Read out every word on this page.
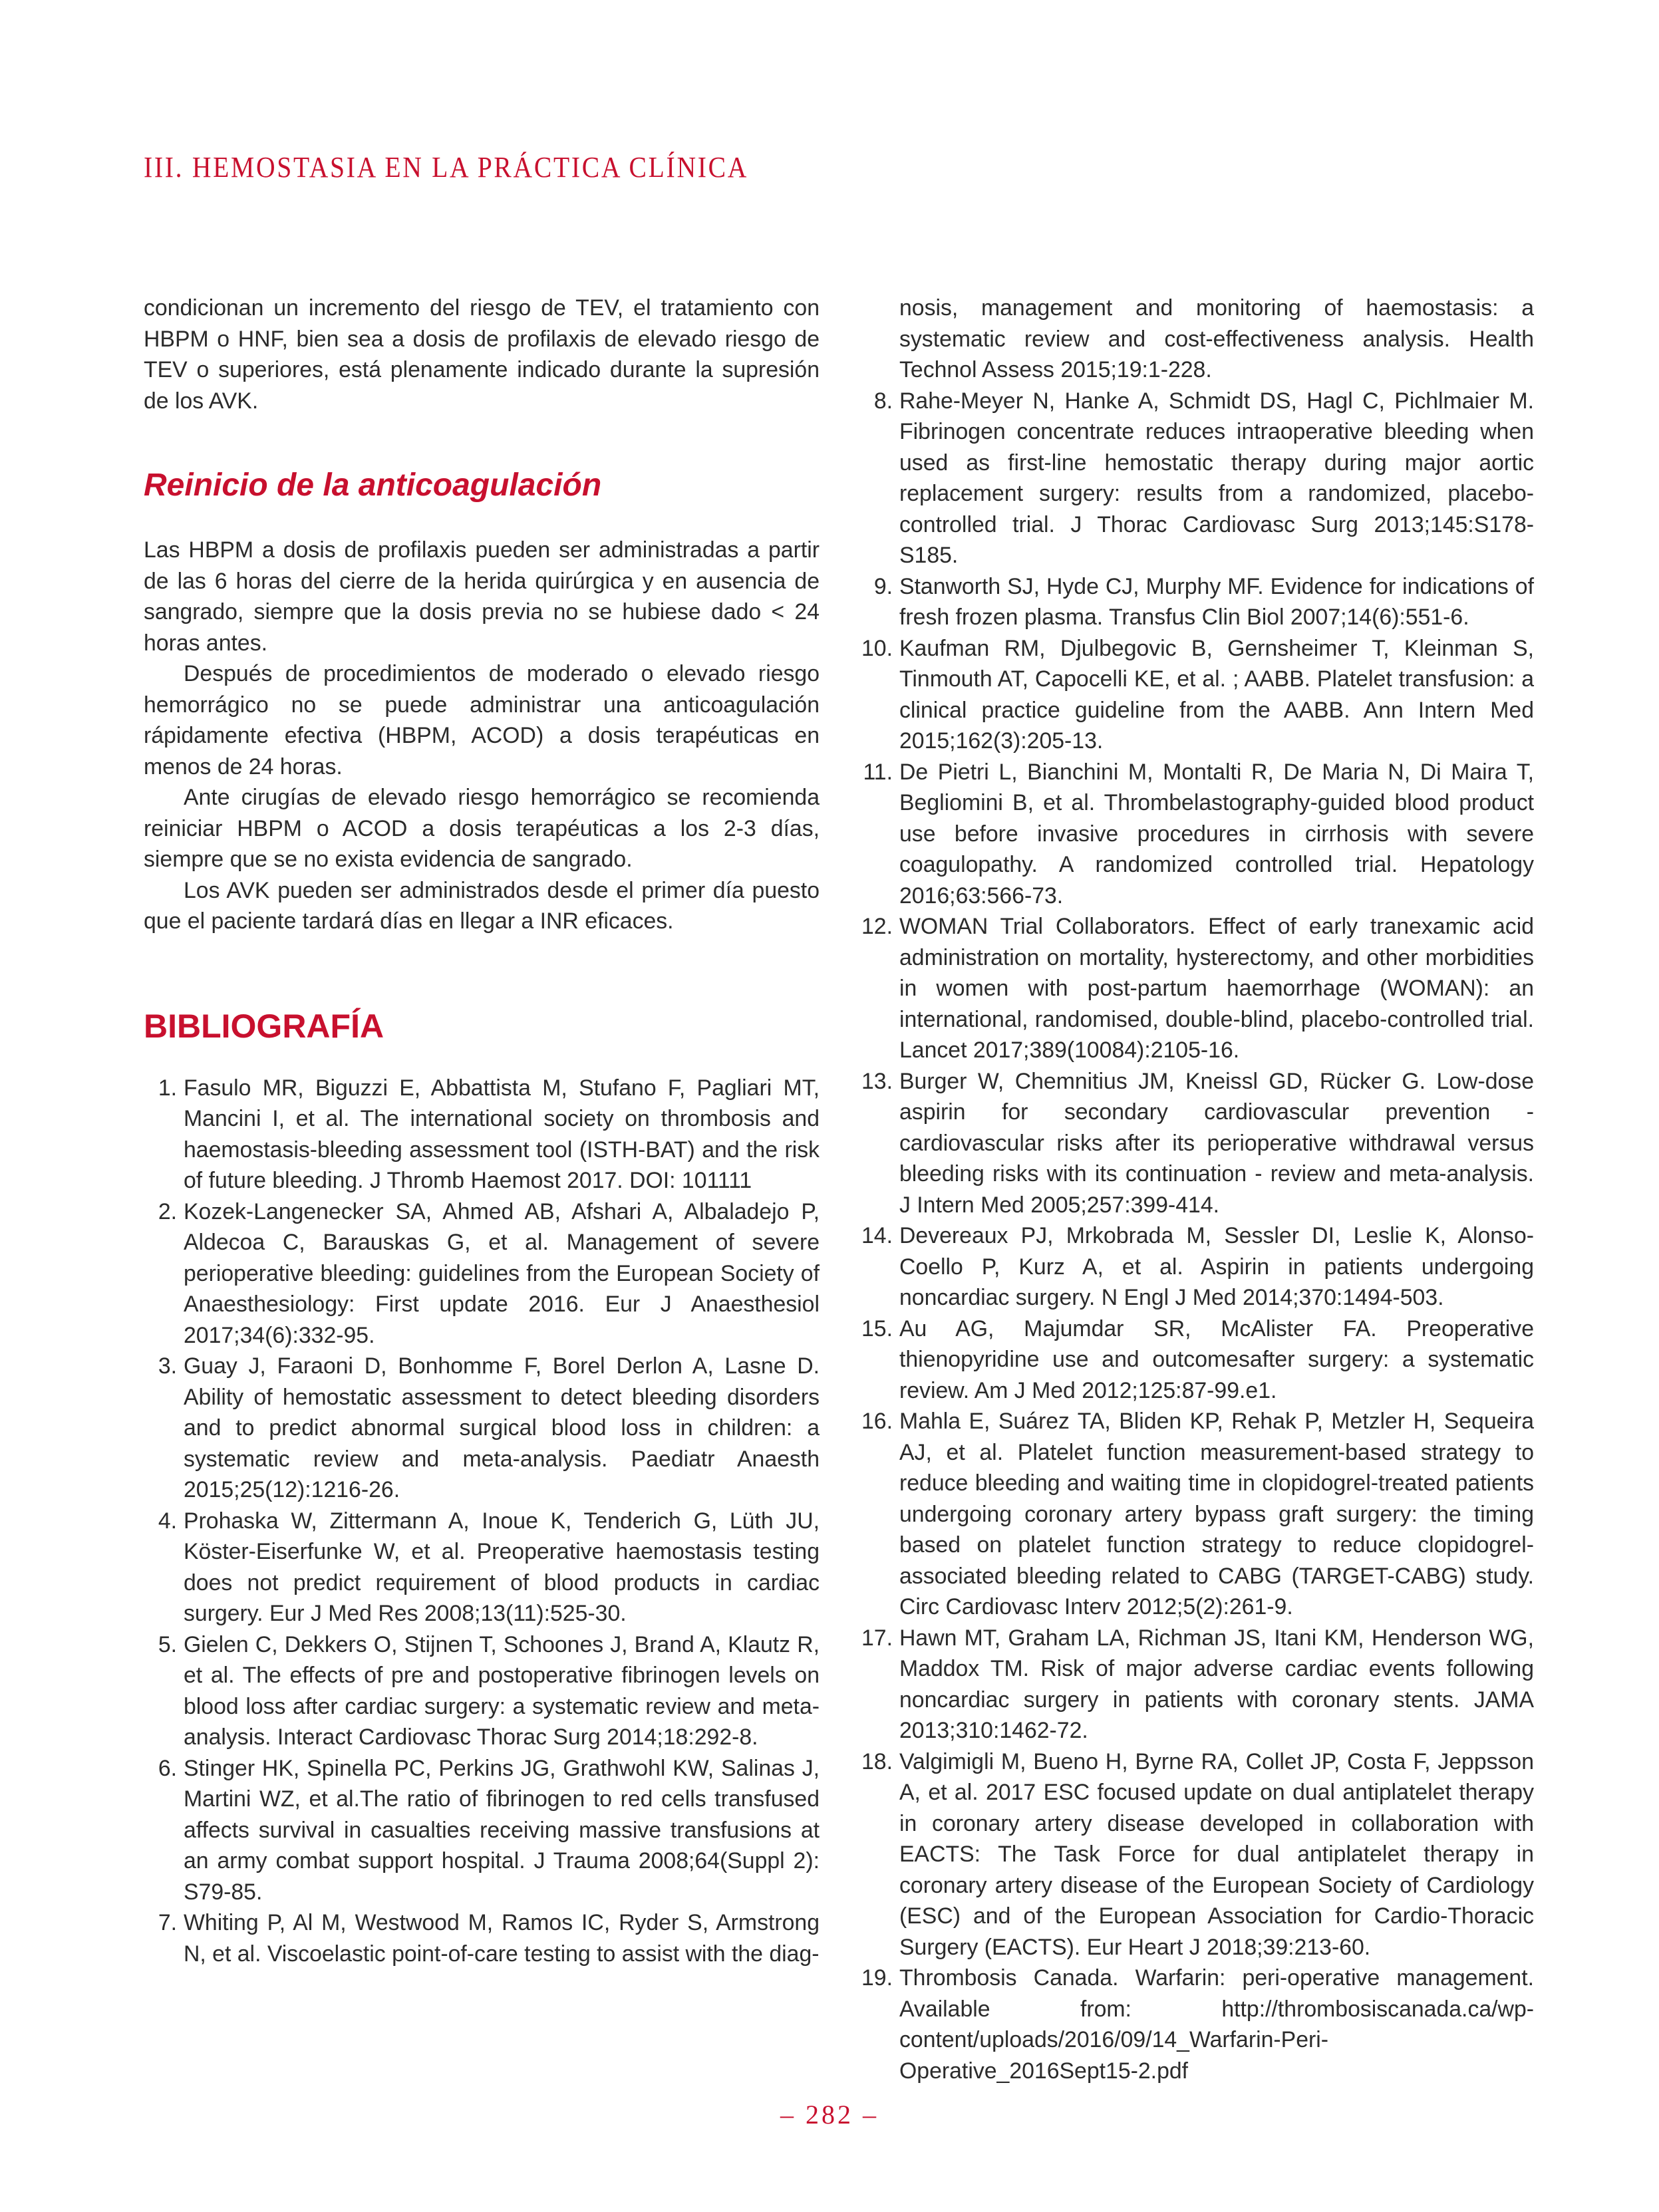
III. HEMOSTASIA EN LA PRÁCTICA CLÍNICA

condicionan un incremento del riesgo de TEV, el tratamiento con HBPM o HNF, bien sea a dosis de profilaxis de elevado riesgo de TEV o superiores, está plenamente indicado durante la supresión de los AVK.

Reinicio de la anticoagulación

Las HBPM a dosis de profilaxis pueden ser administradas a partir de las 6 horas del cierre de la herida quirúrgica y en ausencia de sangrado, siempre que la dosis previa no se hubiese dado < 24 horas antes.

Después de procedimientos de moderado o elevado riesgo hemorrágico no se puede administrar una anticoagulación rápidamente efectiva (HBPM, ACOD) a dosis terapéuticas en menos de 24 horas.

Ante cirugías de elevado riesgo hemorrágico se recomienda reiniciar HBPM o ACOD a dosis terapéuticas a los 2-3 días, siempre que se no exista evidencia de sangrado.

Los AVK pueden ser administrados desde el primer día puesto que el paciente tardará días en llegar a INR eficaces.

BIBLIOGRAFÍA
1. Fasulo MR, Biguzzi E, Abbattista M, Stufano F, Pagliari MT, Mancini I, et al. The international society on thrombosis and haemostasis-bleeding assessment tool (ISTH-BAT) and the risk of future bleeding. J Thromb Haemost 2017. DOI: 101111
2. Kozek-Langenecker SA, Ahmed AB, Afshari A, Albaladejo P, Aldecoa C, Barauskas G, et al. Management of severe perioperative bleeding: guidelines from the European Society of Anaesthesiology: First update 2016. Eur J Anaesthesiol 2017;34(6):332-95.
3. Guay J, Faraoni D, Bonhomme F, Borel Derlon A, Lasne D. Ability of hemostatic assessment to detect bleeding disorders and to predict abnormal surgical blood loss in children: a systematic review and meta-analysis. Paediatr Anaesth 2015;25(12):1216-26.
4. Prohaska W, Zittermann A, Inoue K, Tenderich G, Lüth JU, Köster-Eiserfunke W, et al. Preoperative haemostasis testing does not predict requirement of blood products in cardiac surgery. Eur J Med Res 2008;13(11):525-30.
5. Gielen C, Dekkers O, Stijnen T, Schoones J, Brand A, Klautz R, et al. The effects of pre and postoperative fibrinogen levels on blood loss after cardiac surgery: a systematic review and meta-analysis. Interact Cardiovasc Thorac Surg 2014;18:292-8.
6. Stinger HK, Spinella PC, Perkins JG, Grathwohl KW, Salinas J, Martini WZ, et al.The ratio of fibrinogen to red cells transfused affects survival in casualties receiving massive transfusions at an army combat support hospital. J Trauma 2008;64(Suppl 2): S79-85.
7. Whiting P, Al M, Westwood M, Ramos IC, Ryder S, Armstrong N, et al. Viscoelastic point-of-care testing to assist with the diag-
nosis, management and monitoring of haemostasis: a systematic review and cost-effectiveness analysis. Health Technol Assess 2015;19:1-228.
8. Rahe-Meyer N, Hanke A, Schmidt DS, Hagl C, Pichlmaier M. Fibrinogen concentrate reduces intraoperative bleeding when used as first-line hemostatic therapy during major aortic replacement surgery: results from a randomized, placebo-controlled trial. J Thorac Cardiovasc Surg 2013;145:S178-S185.
9. Stanworth SJ, Hyde CJ, Murphy MF. Evidence for indications of fresh frozen plasma. Transfus Clin Biol 2007;14(6):551-6.
10. Kaufman RM, Djulbegovic B, Gernsheimer T, Kleinman S, Tinmouth AT, Capocelli KE, et al. ; AABB. Platelet transfusion: a clinical practice guideline from the AABB. Ann Intern Med 2015;162(3):205-13.
11. De Pietri L, Bianchini M, Montalti R, De Maria N, Di Maira T, Begliomini B, et al. Thrombelastography-guided blood product use before invasive procedures in cirrhosis with severe coagulopathy. A randomized controlled trial. Hepatology 2016;63:566-73.
12. WOMAN Trial Collaborators. Effect of early tranexamic acid administration on mortality, hysterectomy, and other morbidities in women with post-partum haemorrhage (WOMAN): an international, randomised, double-blind, placebo-controlled trial. Lancet 2017;389(10084):2105-16.
13. Burger W, Chemnitius JM, Kneissl GD, Rücker G. Low-dose aspirin for secondary cardiovascular prevention - cardiovascular risks after its perioperative withdrawal versus bleeding risks with its continuation - review and meta-analysis. J Intern Med 2005;257:399-414.
14. Devereaux PJ, Mrkobrada M, Sessler DI, Leslie K, Alonso-Coello P, Kurz A, et al. Aspirin in patients undergoing noncardiac surgery. N Engl J Med 2014;370:1494-503.
15. Au AG, Majumdar SR, McAlister FA. Preoperative thienopyridine use and outcomesafter surgery: a systematic review. Am J Med 2012;125:87-99.e1.
16. Mahla E, Suárez TA, Bliden KP, Rehak P, Metzler H, Sequeira AJ, et al. Platelet function measurement-based strategy to reduce bleeding and waiting time in clopidogrel-treated patients undergoing coronary artery bypass graft surgery: the timing based on platelet function strategy to reduce clopidogrel-associated bleeding related to CABG (TARGET-CABG) study. Circ Cardiovasc Interv 2012;5(2):261-9.
17. Hawn MT, Graham LA, Richman JS, Itani KM, Henderson WG, Maddox TM. Risk of major adverse cardiac events following noncardiac surgery in patients with coronary stents. JAMA 2013;310:1462-72.
18. Valgimigli M, Bueno H, Byrne RA, Collet JP, Costa F, Jeppsson A, et al. 2017 ESC focused update on dual antiplatelet therapy in coronary artery disease developed in collaboration with EACTS: The Task Force for dual antiplatelet therapy in coronary artery disease of the European Society of Cardiology (ESC) and of the European Association for Cardio-Thoracic Surgery (EACTS). Eur Heart J 2018;39:213-60.
19. Thrombosis Canada. Warfarin: peri-operative management. Available from: http://thrombosiscanada.ca/wp-content/uploads/2016/09/14_Warfarin-Peri-Operative_2016Sept15-2.pdf
– 282 –
